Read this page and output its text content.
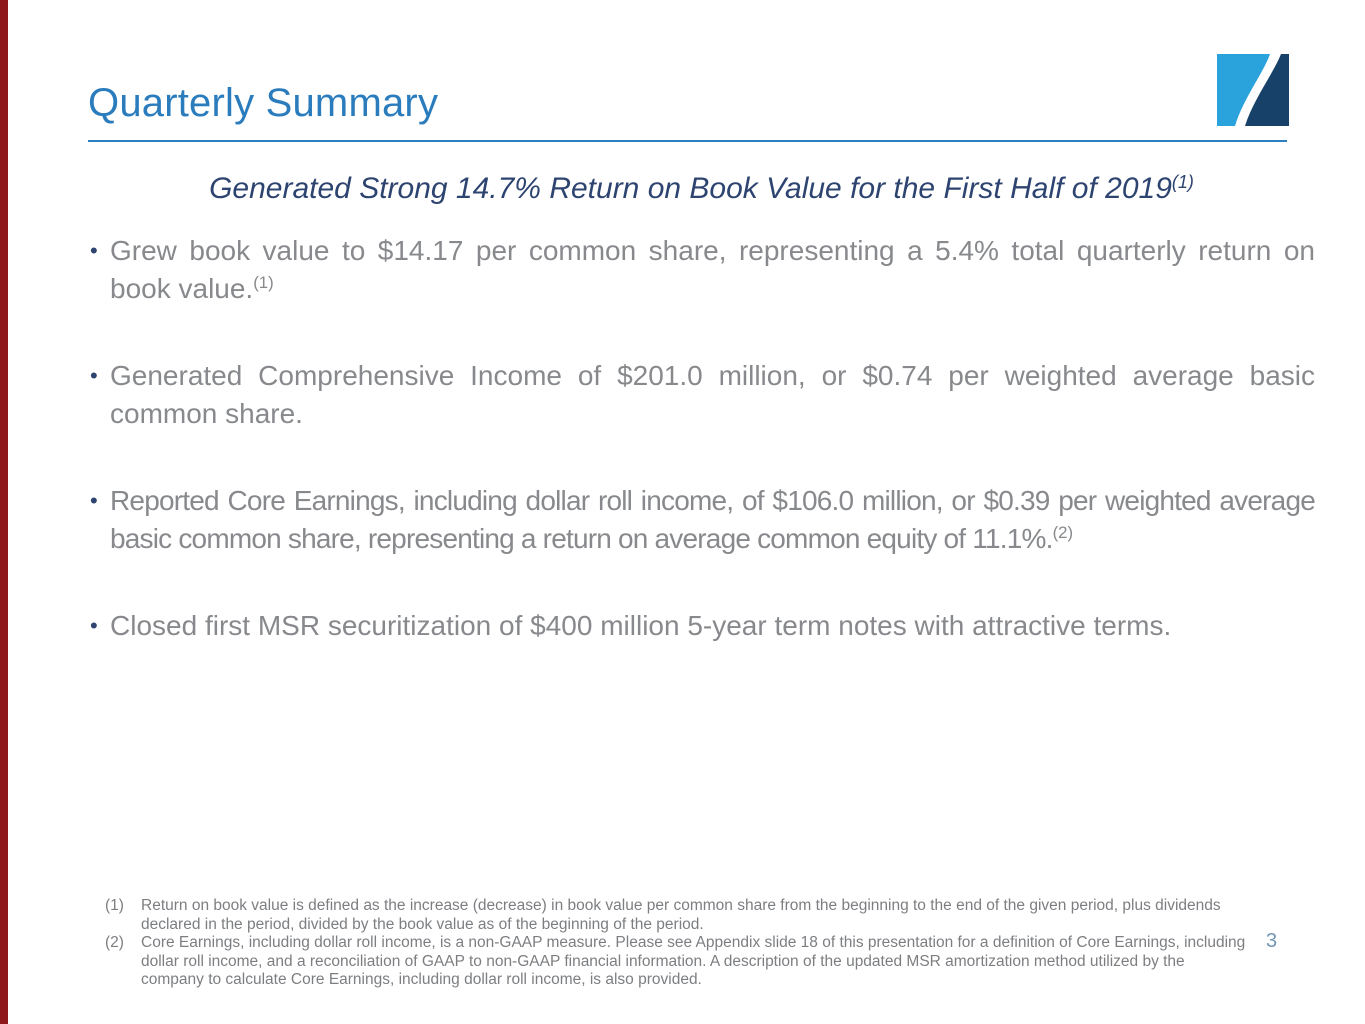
Quarterly Summary
Generated Strong 14.7% Return on Book Value for the First Half of 2019$^{(1)}$
• Grew book value to $14.17 per common share, representing a 5.4% total quarterly return on book value.$^{(1)}$
• Generated Comprehensive Income of $201.0 million, or $0.74 per weighted average basic common share.
• Reported Core Earnings, including dollar roll income, of $106.0 million, or $0.39 per weighted average basic common share, representing a return on average common equity of 11.1%.$^{(2)}$
• Closed first MSR securitization of $400 million 5-year term notes with attractive terms.
(1)	Return on book value is defined as the increase (decrease) in book value per common share from the beginning to the end of the given period, plus dividends declared in the period, divided by the book value as of the beginning of the period.
(2)	Core Earnings, including dollar roll income, is a non-GAAP measure. Please see Appendix slide 18 of this presentation for a definition of Core Earnings, including dollar roll income, and a reconciliation of GAAP to non-GAAP financial information. A description of the updated MSR amortization method utilized by the company to calculate Core Earnings, including dollar roll income, is also provided.
3
